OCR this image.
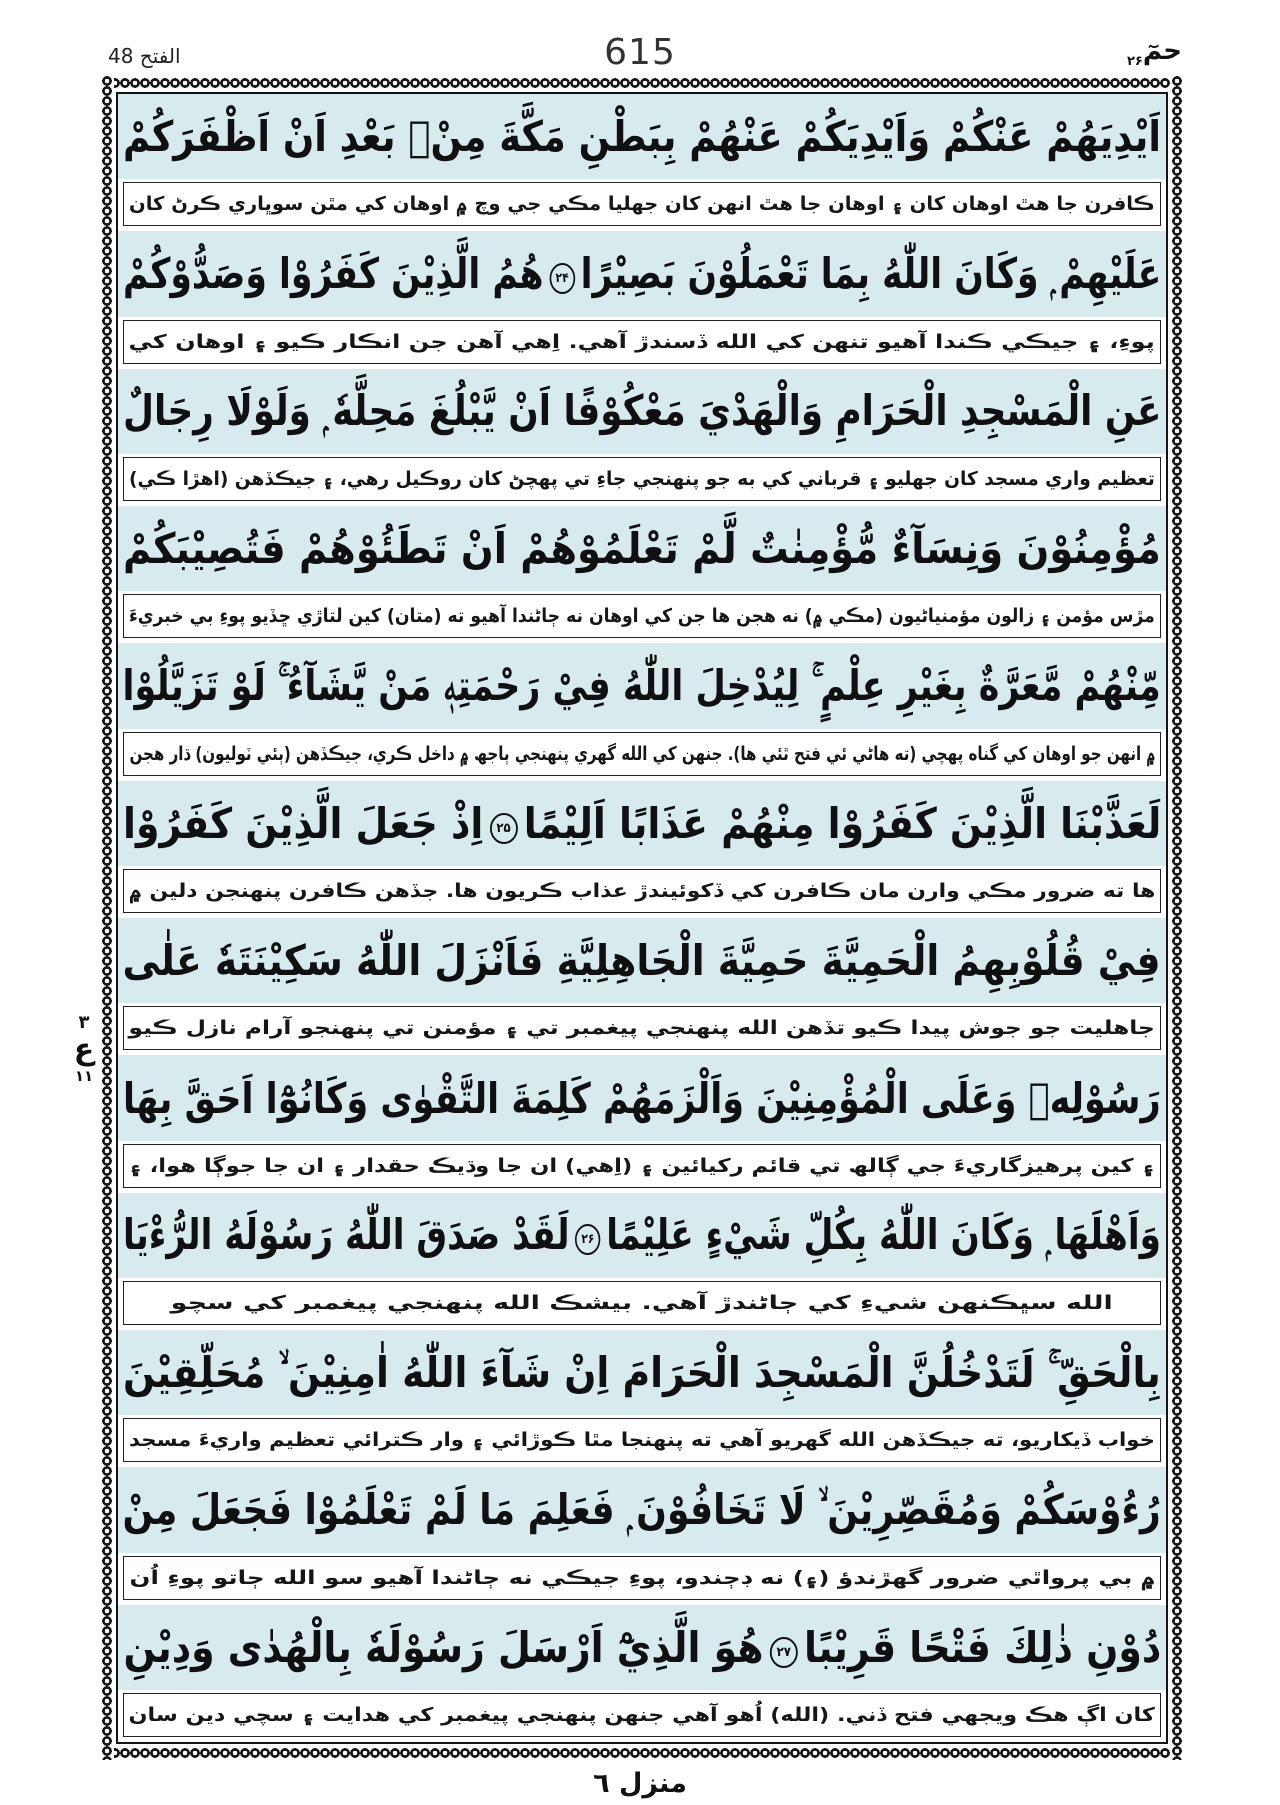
الفتح 48	615	$حمٓ_{۲۶}$
٣
ع
۱۱
اَيْدِيَهُمْ عَنْكُمْ وَاَيْدِيَكُمْ عَنْهُمْ بِبَطْنِ مَكَّةَ مِنْۢ بَعْدِ اَنْ اَظْفَرَكُمْ
ڪافرن جا هٿ اوهان کان ۽ اوهان جا هٿ انهن کان جهليا مڪي جي وچ ۾ اوهان کي مٿن سوڀاري ڪرڻ کان
عَلَيْهِمْ ۭ وَكَانَ اللّٰهُ بِمَا تَعْمَلُوْنَ بَصِيْرًا۲۴هُمُ الَّذِيْنَ كَفَرُوْا وَصَدُّوْكُمْ
پوءِ، ۽ جيڪي ڪندا آهيو تنهن کي الله ڏسندڙ آهي. اِهي آهن جن انڪار ڪيو ۽ اوهان کي
عَنِ الْمَسْجِدِ الْحَرَامِ وَالْهَدْيَ مَعْكُوْفًا اَنْ يَّبْلُغَ مَحِلَّهٗ ۭ وَلَوْلَا رِجَالٌ
تعظيم واري مسجد کان جهليو ۽ قرباني کي به جو پنهنجي جاءِ تي پهچڻ کان روڪيل رهي، ۽ جيڪڏهن (اهڙا ڪي)
مُؤْمِنُوْنَ وَنِسَآءٌ مُّؤْمِنٰتٌ لَّمْ تَعْلَمُوْهُمْ اَنْ تَطَئُوْهُمْ فَتُصِيْبَكُمْ
مڙس مؤمن ۽ زالون مؤمنياڻيون (مڪي ۾) نه هجن ها جن کي اوهان نه ڄاڻندا آهيو ته (متان) کين لتاڙي ڇڏيو پوءِ بي خبريءَ
مِّنْهُمْ مَّعَرَّةٌ بِغَيْرِ عِلْمٍ ۚ لِيُدْخِلَ اللّٰهُ فِيْ رَحْمَتِهٖ مَنْ يَّشَآءُ ۚ لَوْ تَزَيَّلُوْا
۾ انهن جو اوهان کي گناه پهچي (ته هاڻي ئي فتح ٿئي ها). جنهن کي الله گهري پنهنجي ٻاجھ ۾ داخل ڪري، جيڪڏهن (ٻئي ٽوليون) ڌار هجن
لَعَذَّبْنَا الَّذِيْنَ كَفَرُوْا مِنْهُمْ عَذَابًا اَلِيْمًا۲۵اِذْ جَعَلَ الَّذِيْنَ كَفَرُوْا
ها ته ضرور مڪي وارن مان ڪافرن کي ڏکوئيندڙ عذاب ڪريون ها. جڏهن ڪافرن پنهنجن دلين ۾
فِيْ قُلُوْبِهِمُ الْحَمِيَّةَ حَمِيَّةَ الْجَاهِلِيَّةِ فَاَنْزَلَ اللّٰهُ سَكِيْنَتَهٗ عَلٰى
جاهليت جو جوش پيدا ڪيو تڏهن الله پنهنجي پيغمبر تي ۽ مؤمنن تي پنهنجو آرام نازل ڪيو
رَسُوْلِهٖ وَعَلَى الْمُؤْمِنِيْنَ وَاَلْزَمَهُمْ كَلِمَةَ التَّقْوٰى وَكَانُوْٓا اَحَقَّ بِهَا
۽ کين پرهيزگاريءَ جي ڳالھ تي قائم رکيائين ۽ (اِهي) ان جا وڌيڪ حقدار ۽ ان جا جوڳا هوا، ۽
وَاَهْلَهَا ۭ وَكَانَ اللّٰهُ بِكُلِّ شَيْءٍ عَلِيْمًا۲۶لَقَدْ صَدَقَ اللّٰهُ رَسُوْلَهُ الرُّءْيَا
الله سڀڪنهن شيءِ کي ڄاڻندڙ آهي. بيشڪ الله پنهنجي پيغمبر کي سچو
بِالْحَقِّ ۚ لَتَدْخُلُنَّ الْمَسْجِدَ الْحَرَامَ اِنْ شَآءَ اللّٰهُ اٰمِنِيْنَ ۙ مُحَلِّقِيْنَ
خواب ڏيکاريو، ته جيڪڏهن الله گهريو آهي ته پنهنجا مٿا ڪوڙائي ۽ وار ڪترائي تعظيم واريءَ مسجد
رُءُوْسَكُمْ وَمُقَصِّرِيْنَ ۙ لَا تَخَافُوْنَ ۭ فَعَلِمَ مَا لَمْ تَعْلَمُوْا فَجَعَلَ مِنْ
۾ بي پرواٿي ضرور گهڙندؤ (۽) نه ڊڄندو، پوءِ جيڪي نه ڄاڻندا آهيو سو الله ڄاتو پوءِ اُن
دُوْنِ ذٰلِكَ فَتْحًا قَرِيْبًا۲۷هُوَ الَّذِيْٓ اَرْسَلَ رَسُوْلَهٗ بِالْهُدٰى وَدِيْنِ
کان اڳ هڪ ويجهي فتح ڏني. (الله) اُهو آهي جنهن پنهنجي پيغمبر کي هدايت ۽ سچي دين سان
منزل ٦
